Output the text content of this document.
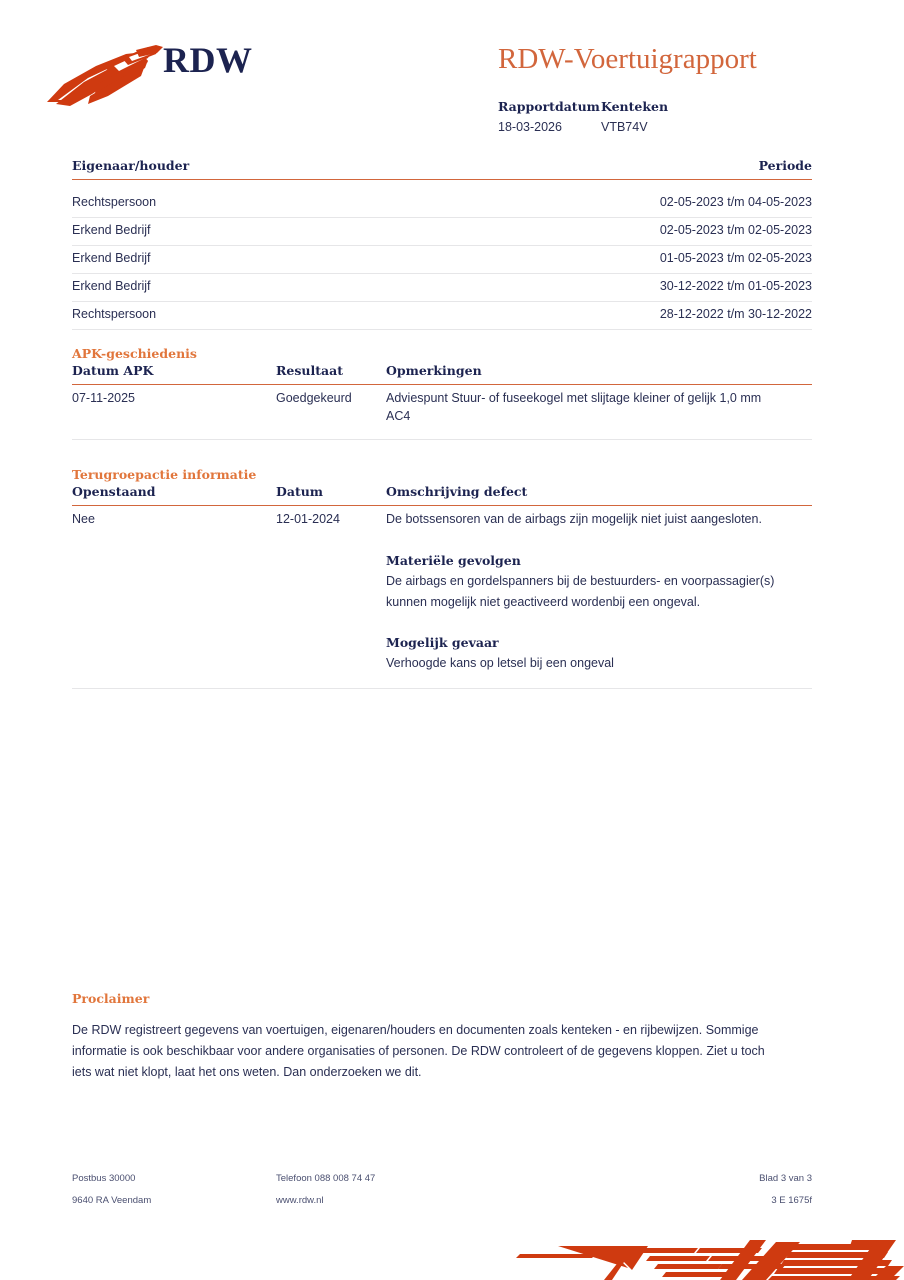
RDW	RDW-Voertuigrapport
Rapportdatum
18-03-2026
Kenteken
VTB74V
Eigenaar/houder	Periode
Rechtspersoon	02-05-2023 t/m 04-05-2023
Erkend Bedrijf	02-05-2023 t/m 02-05-2023
Erkend Bedrijf	01-05-2023 t/m 02-05-2023
Erkend Bedrijf	30-12-2022 t/m 01-05-2023
Rechtspersoon	28-12-2022 t/m 30-12-2022
APK-geschiedenis
Datum APK	Resultaat	Opmerkingen
07-11-2025	Goedgekeurd	Adviespunt Stuur- of fuseekogel met slijtage kleiner of gelijk 1,0 mm AC4
Terugroepactie informatie
Openstaand	Datum	Omschrijving defect
Nee	12-01-2024	De botssensoren van de airbags zijn mogelijk niet juist aangesloten.
Materiële gevolgen
De airbags en gordelspanners bij de bestuurders- en voorpassagier(s) kunnen mogelijk niet geactiveerd wordenbij een ongeval.
Mogelijk gevaar
Verhoogde kans op letsel bij een ongeval
Proclaimer
De RDW registreert gegevens van voertuigen, eigenaren/houders en documenten zoals kenteken - en rijbewijzen. Sommige informatie is ook beschikbaar voor andere organisaties of personen. De RDW controleert of de gegevens kloppen. Ziet u toch iets wat niet klopt, laat het ons weten. Dan onderzoeken we dit.
Postbus 30000	Telefoon 088 008 74 47	Blad 3 van 3
9640 RA Veendam	www.rdw.nl	3 E 1675f
